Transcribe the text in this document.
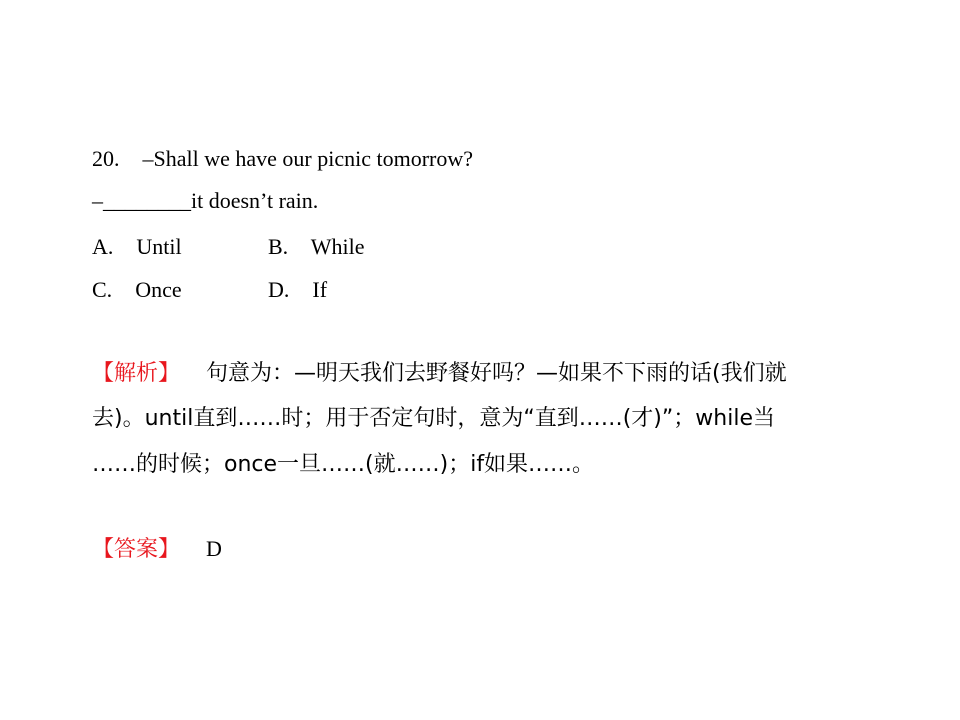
20. –Shall we have our picnic tomorrow?
–________it doesn’t rain.
A. Until	B. While
C. Once	D. If
【解析】 句意为：—明天我们去野餐好吗？—如果不下雨的话(我们就
去)。until直到……时；用于否定句时，意为“直到……(才)”；while当
……的时候；once一旦……(就……)；if如果……。
【答案】 D
